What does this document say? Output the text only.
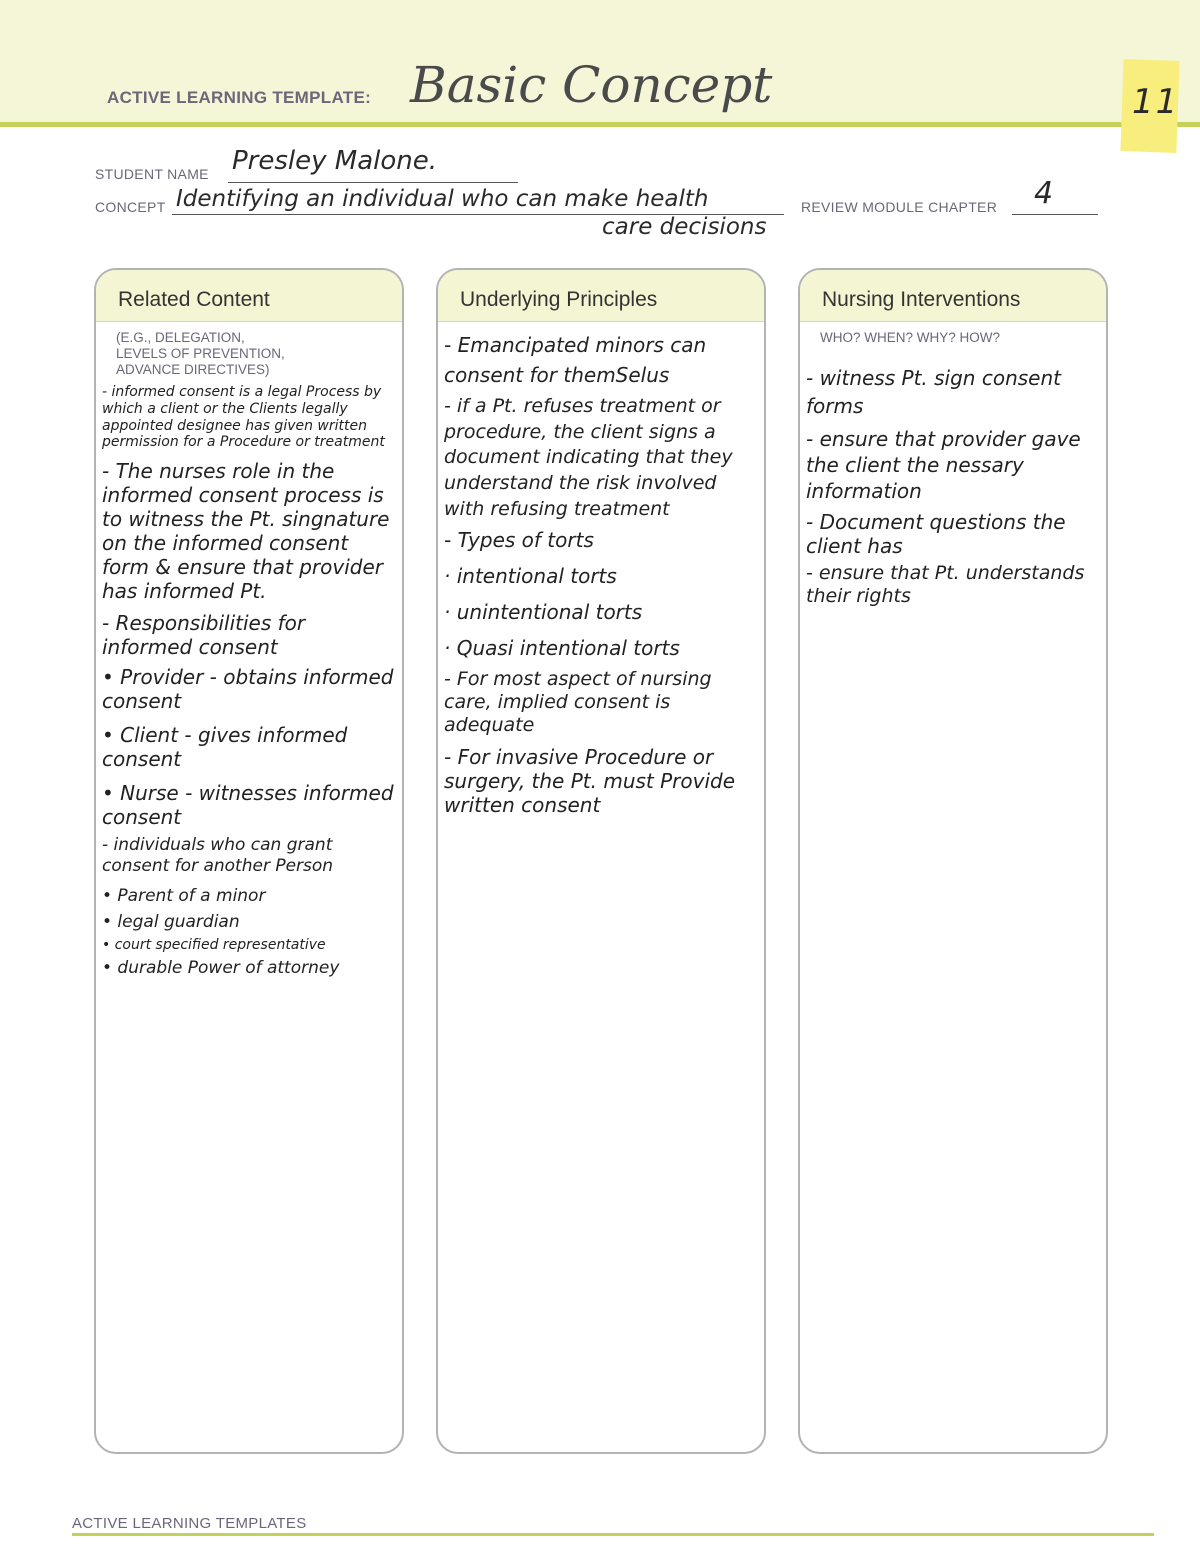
ACTIVE LEARNING TEMPLATE: Basic Concept	11
STUDENT NAME Presley Malone.
CONCEPT Identifying an individual who can make health
care decisions
REVIEW MODULE CHAPTER 4
Related Content
(E.G., DELEGATION,
LEVELS OF PREVENTION,
ADVANCE DIRECTIVES)
- informed consent is a legal Process by which a client or the Clients legally appointed designee has given written permission for a Procedure or treatment
- The nurses role in the informed consent process is to witness the Pt. singnature on the informed consent form & ensure that provider has informed Pt.
- Responsibilities for informed consent
• Provider - obtains informed consent
• Client - gives informed consent
• Nurse - witnesses informed consent
- individuals who can grant consent for another Person
• Parent of a minor
• legal guardian
• court specified representative
• durable Power of attorney
Underlying Principles
- Emancipated minors can consent for themSelus
- if a Pt. refuses treatment or procedure, the client signs a document indicating that they understand the risk involved with refusing treatment
- Types of torts
· intentional torts
· unintentional torts
· Quasi intentional torts
- For most aspect of nursing care, implied consent is adequate
- For invasive Procedure or surgery, the Pt. must Provide written consent
Nursing Interventions
WHO? WHEN? WHY? HOW?
- witness Pt. sign consent forms
- ensure that provider gave the client the nessary information
- Document questions the client has
- ensure that Pt. understands their rights
ACTIVE LEARNING TEMPLATES
